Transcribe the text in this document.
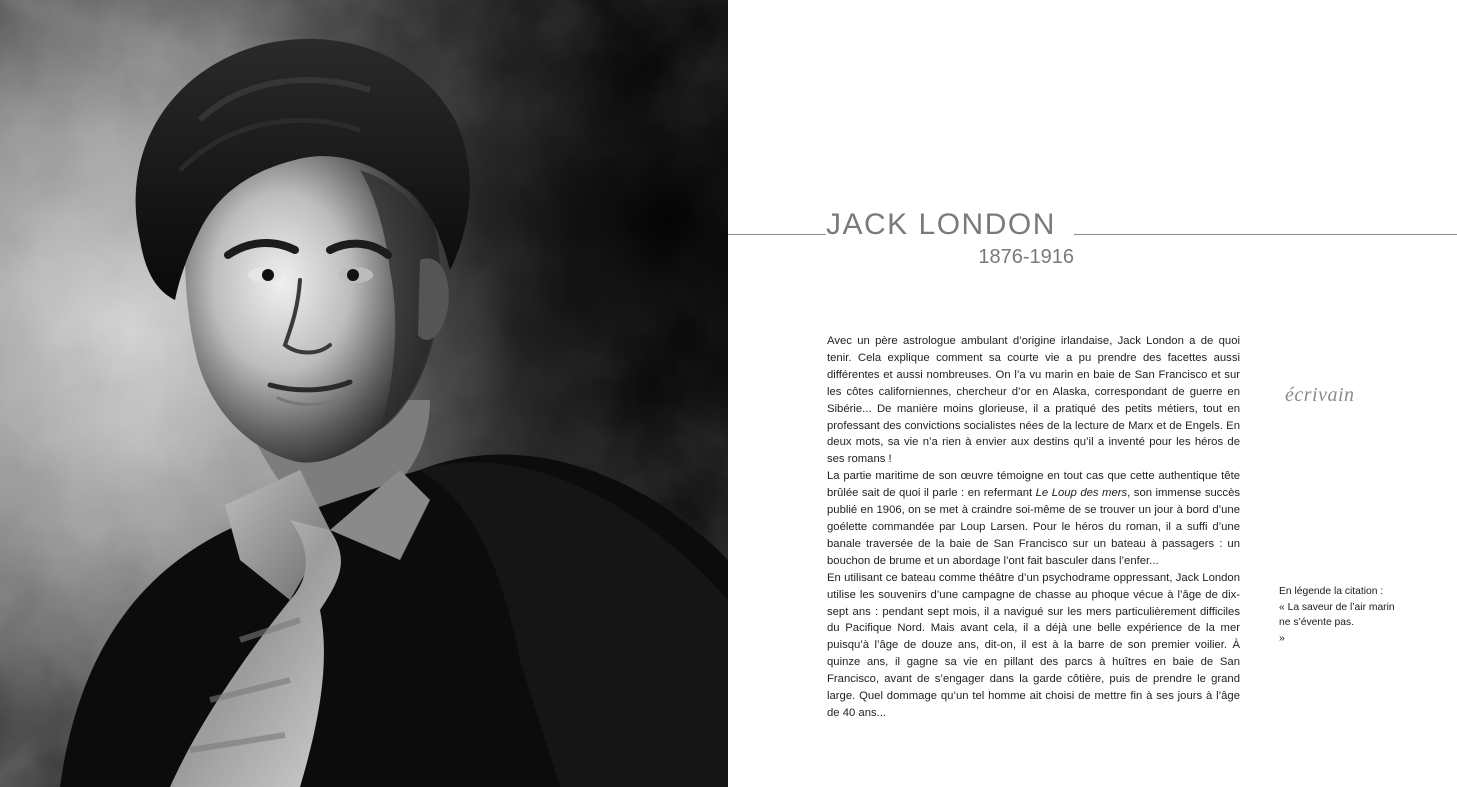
JACK LONDON
1876-1916

Avec un père astrologue ambulant d’origine irlandaise, Jack London a de quoi tenir. Cela explique comment sa courte vie a pu prendre des facettes aussi différentes et aussi nombreuses. On l’a vu marin en baie de San Francisco et sur les côtes californiennes, chercheur d’or en Alaska, correspondant de guerre en Sibérie... De manière moins glorieuse, il a pratiqué des petits métiers, tout en professant des convictions socialistes nées de la lecture de Marx et de Engels. En deux mots, sa vie n’a rien à envier aux destins qu’il a inventé pour les héros de ses romans !

La partie maritime de son œuvre témoigne en tout cas que cette authentique tête brûlée sait de quoi il parle : en refermant Le Loup des mers, son immense succès publié en 1906, on se met à craindre soi-même de se trouver un jour à bord d’une goélette commandée par Loup Larsen. Pour le héros du roman, il a suffi d’une banale traversée de la baie de San Francisco sur un bateau à passagers : un bouchon de brume et un abordage l’ont fait basculer dans l’enfer...

En utilisant ce bateau comme théâtre d’un psychodrame oppressant, Jack London utilise les souvenirs d’une campagne de chasse au phoque vécue à l’âge de dix-sept ans : pendant sept mois, il a navigué sur les mers particulièrement difficiles du Pacifique Nord. Mais avant cela, il a déjà une belle expérience de la mer puisqu’à l’âge de douze ans, dit-on, il est à la barre de son premier voilier. À quinze ans, il gagne sa vie en pillant des parcs à huîtres en baie de San Francisco, avant de s’engager dans la garde côtière, puis de prendre le grand large. Quel dommage qu’un tel homme ait choisi de mettre fin à ses jours à l’âge de 40 ans...

écrivain
En légende la citation :
« La saveur de l’air marin ne s’évente pas.
»
